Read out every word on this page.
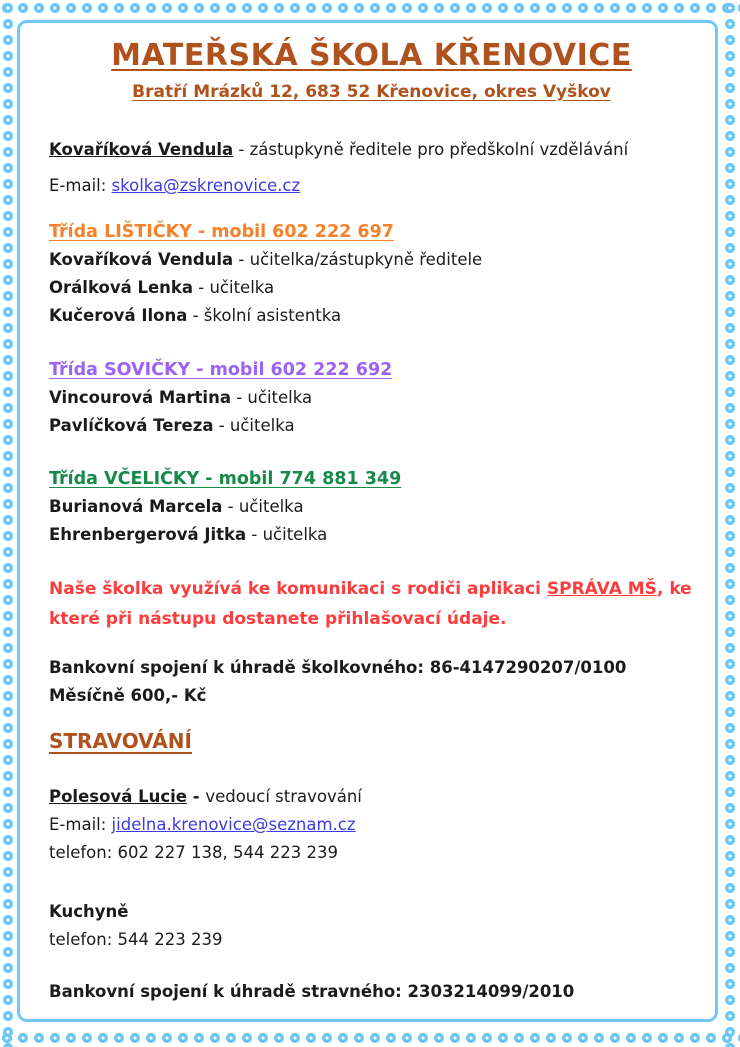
MATEŘSKÁ ŠKOLA KŘENOVICE
Bratří Mrázků 12, 683 52 Křenovice, okres Vyškov

Kovaříková Vendula - zástupkyně ředitele pro předškolní vzdělávání

E-mail: skolka@zskrenovice.cz

Třída LIŠTIČKY - mobil 602 222 697

Kovaříková Vendula - učitelka/zástupkyně ředitele

Orálková Lenka - učitelka

Kučerová Ilona - školní asistentka

Třída SOVIČKY - mobil 602 222 692

Vincourová Martina - učitelka

Pavlíčková Tereza - učitelka

Třída VČELIČKY - mobil 774 881 349

Burianová Marcela - učitelka

Ehrenbergerová Jitka - učitelka

Naše školka využívá ke komunikaci s rodiči aplikaci SPRÁVA MŠ, ke které při nástupu dostanete přihlašovací údaje.

Bankovní spojení k úhradě školkovného: 86-4147290207/0100

Měsíčně 600,- Kč

STRAVOVÁNÍ

Polesová Lucie - vedoucí stravování

E-mail: jidelna.krenovice@seznam.cz

telefon: 602 227 138, 544 223 239

Kuchyně

telefon: 544 223 239

Bankovní spojení k úhradě stravného: 2303214099/2010
